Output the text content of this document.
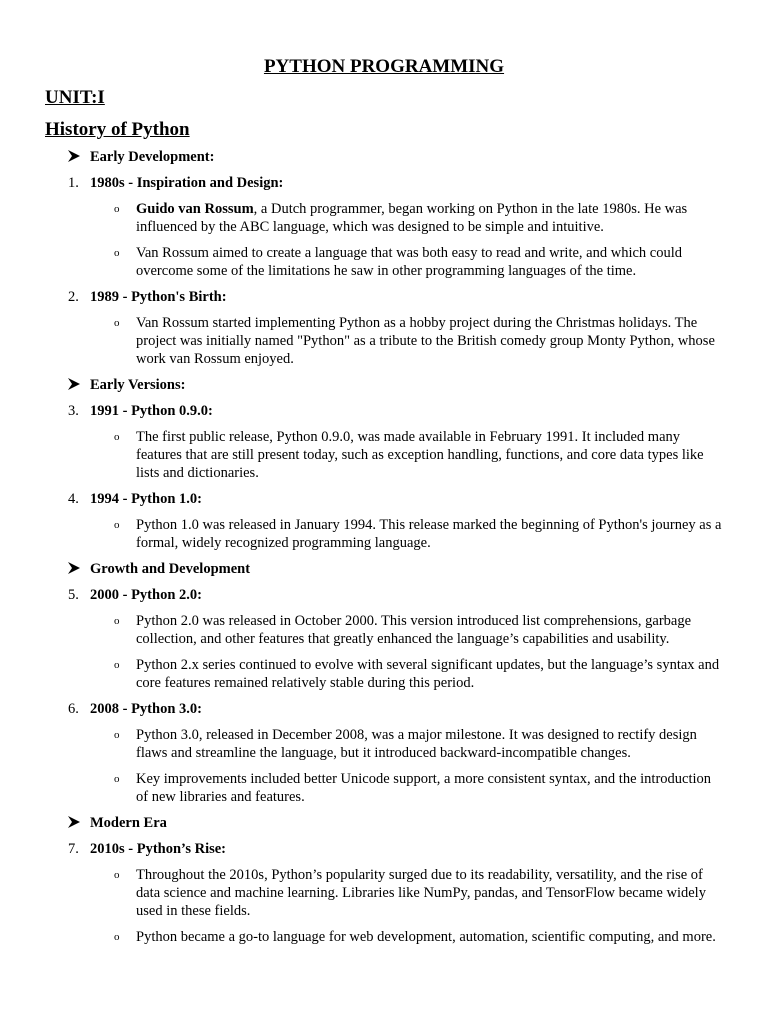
PYTHON PROGRAMMING
UNIT:I
History of Python
Early Development:
1. 1980s - Inspiration and Design:
o Guido van Rossum, a Dutch programmer, began working on Python in the late 1980s. He was influenced by the ABC language, which was designed to be simple and intuitive.
o Van Rossum aimed to create a language that was both easy to read and write, and which could overcome some of the limitations he saw in other programming languages of the time.
2. 1989 - Python's Birth:
o Van Rossum started implementing Python as a hobby project during the Christmas holidays. The project was initially named "Python" as a tribute to the British comedy group Monty Python, whose work van Rossum enjoyed.
Early Versions:
3. 1991 - Python 0.9.0:
o The first public release, Python 0.9.0, was made available in February 1991. It included many features that are still present today, such as exception handling, functions, and core data types like lists and dictionaries.
4. 1994 - Python 1.0:
o Python 1.0 was released in January 1994. This release marked the beginning of Python's journey as a formal, widely recognized programming language.
Growth and Development
5. 2000 - Python 2.0:
o Python 2.0 was released in October 2000. This version introduced list comprehensions, garbage collection, and other features that greatly enhanced the language’s capabilities and usability.
o Python 2.x series continued to evolve with several significant updates, but the language’s syntax and core features remained relatively stable during this period.
6. 2008 - Python 3.0:
o Python 3.0, released in December 2008, was a major milestone. It was designed to rectify design flaws and streamline the language, but it introduced backward-incompatible changes.
o Key improvements included better Unicode support, a more consistent syntax, and the introduction of new libraries and features.
Modern Era
7. 2010s - Python’s Rise:
o Throughout the 2010s, Python’s popularity surged due to its readability, versatility, and the rise of data science and machine learning. Libraries like NumPy, pandas, and TensorFlow became widely used in these fields.
o Python became a go-to language for web development, automation, scientific computing, and more.
